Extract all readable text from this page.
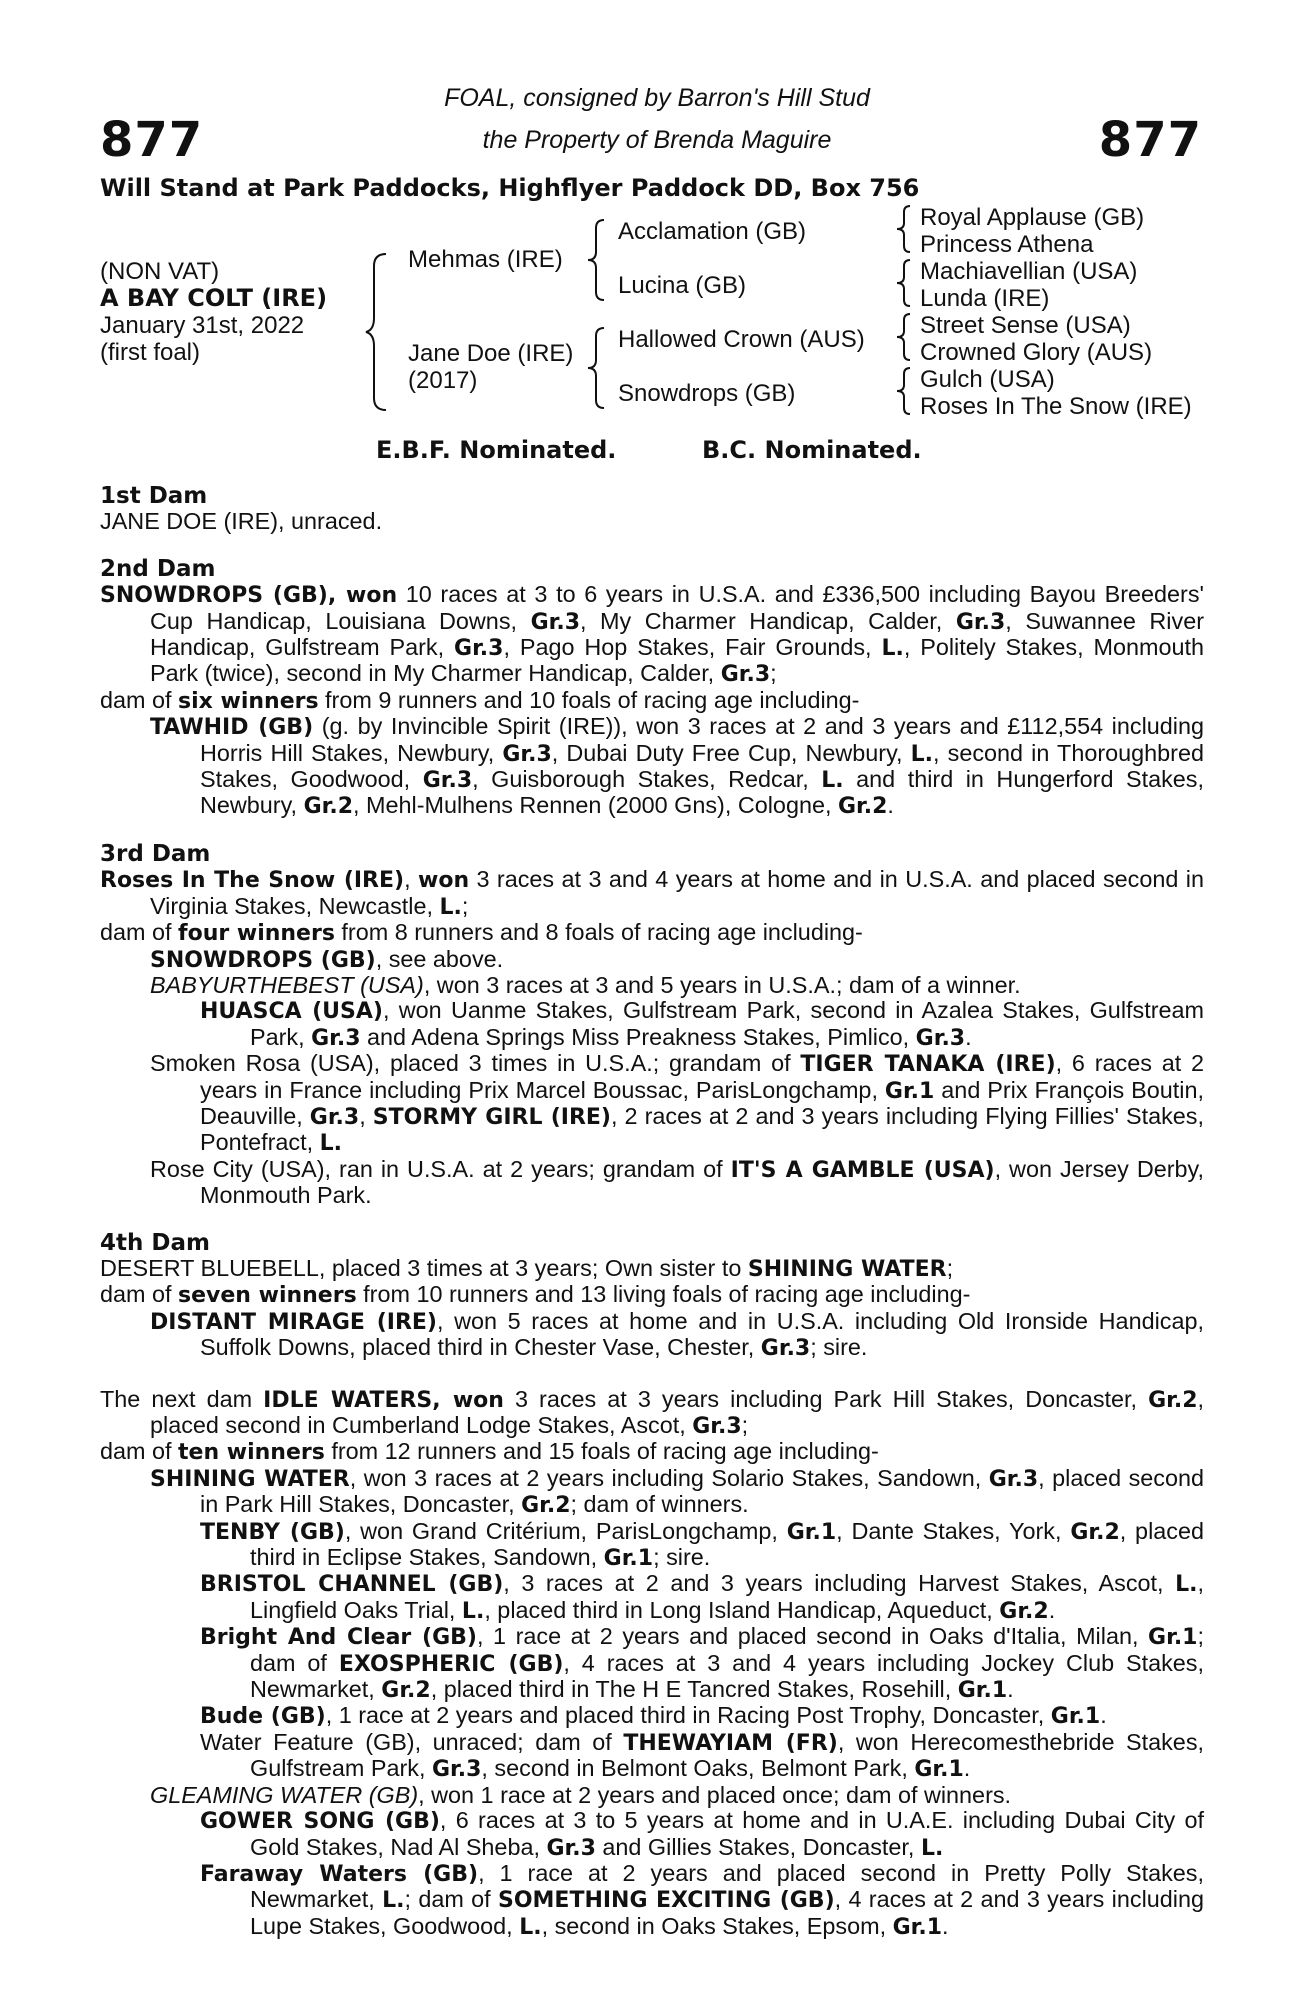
877	877
FOAL, consigned by Barron's Hill Stud
the Property of Brenda Maguire
Will Stand at Park Paddocks, Highflyer Paddock DD, Box 756
(NON VAT)
A BAY COLT (IRE)
January 31st, 2022
(first foal)
Mehmas (IRE)
Jane Doe (IRE)
(2017)
Acclamation (GB)
Lucina (GB)
Hallowed Crown (AUS)
Snowdrops (GB)
Royal Applause (GB)
Princess Athena
Machiavellian (USA)
Lunda (IRE)
Street Sense (USA)
Crowned Glory (AUS)
Gulch (USA)
Roses In The Snow (IRE)
E.B.F. Nominated.	B.C. Nominated.

1st Dam

JANE DOE (IRE), unraced.

2nd Dam

SNOWDROPS (GB), won 10 races at 3 to 6 years in U.S.A. and £336,500 including Bayou Breeders' Cup Handicap, Louisiana Downs, Gr.3, My Charmer Handicap, Calder, Gr.3, Suwannee River Handicap, Gulfstream Park, Gr.3, Pago Hop Stakes, Fair Grounds, L., Politely Stakes, Monmouth Park (twice), second in My Charmer Handicap, Calder, Gr.3;

dam of six winners from 9 runners and 10 foals of racing age including-

TAWHID (GB) (g. by Invincible Spirit (IRE)), won 3 races at 2 and 3 years and £112,554 including Horris Hill Stakes, Newbury, Gr.3, Dubai Duty Free Cup, Newbury, L., second in Thoroughbred Stakes, Goodwood, Gr.3, Guisborough Stakes, Redcar, L. and third in Hungerford Stakes, Newbury, Gr.2, Mehl-Mulhens Rennen (2000 Gns), Cologne, Gr.2.

3rd Dam

Roses In The Snow (IRE), won 3 races at 3 and 4 years at home and in U.S.A. and placed second in Virginia Stakes, Newcastle, L.;

dam of four winners from 8 runners and 8 foals of racing age including-

SNOWDROPS (GB), see above.

BABYURTHEBEST (USA), won 3 races at 3 and 5 years in U.S.A.; dam of a winner.

HUASCA (USA), won Uanme Stakes, Gulfstream Park, second in Azalea Stakes, Gulfstream Park, Gr.3 and Adena Springs Miss Preakness Stakes, Pimlico, Gr.3.

Smoken Rosa (USA), placed 3 times in U.S.A.; grandam of TIGER TANAKA (IRE), 6 races at 2 years in France including Prix Marcel Boussac, ParisLongchamp, Gr.1 and Prix François Boutin, Deauville, Gr.3, STORMY GIRL (IRE), 2 races at 2 and 3 years including Flying Fillies' Stakes, Pontefract, L.

Rose City (USA), ran in U.S.A. at 2 years; grandam of IT'S A GAMBLE (USA), won Jersey Derby, Monmouth Park.

4th Dam

DESERT BLUEBELL, placed 3 times at 3 years; Own sister to SHINING WATER;

dam of seven winners from 10 runners and 13 living foals of racing age including-

DISTANT MIRAGE (IRE), won 5 races at home and in U.S.A. including Old Ironside Handicap, Suffolk Downs, placed third in Chester Vase, Chester, Gr.3; sire.

The next dam IDLE WATERS, won 3 races at 3 years including Park Hill Stakes, Doncaster, Gr.2, placed second in Cumberland Lodge Stakes, Ascot, Gr.3;

dam of ten winners from 12 runners and 15 foals of racing age including-

SHINING WATER, won 3 races at 2 years including Solario Stakes, Sandown, Gr.3, placed second in Park Hill Stakes, Doncaster, Gr.2; dam of winners.

TENBY (GB), won Grand Critérium, ParisLongchamp, Gr.1, Dante Stakes, York, Gr.2, placed third in Eclipse Stakes, Sandown, Gr.1; sire.

BRISTOL CHANNEL (GB), 3 races at 2 and 3 years including Harvest Stakes, Ascot, L., Lingfield Oaks Trial, L., placed third in Long Island Handicap, Aqueduct, Gr.2.

Bright And Clear (GB), 1 race at 2 years and placed second in Oaks d'Italia, Milan, Gr.1; dam of EXOSPHERIC (GB), 4 races at 3 and 4 years including Jockey Club Stakes, Newmarket, Gr.2, placed third in The H E Tancred Stakes, Rosehill, Gr.1.

Bude (GB), 1 race at 2 years and placed third in Racing Post Trophy, Doncaster, Gr.1.

Water Feature (GB), unraced; dam of THEWAYIAM (FR), won Herecomesthebride Stakes, Gulfstream Park, Gr.3, second in Belmont Oaks, Belmont Park, Gr.1.

GLEAMING WATER (GB), won 1 race at 2 years and placed once; dam of winners.

GOWER SONG (GB), 6 races at 3 to 5 years at home and in U.A.E. including Dubai City of Gold Stakes, Nad Al Sheba, Gr.3 and Gillies Stakes, Doncaster, L.

Faraway Waters (GB), 1 race at 2 years and placed second in Pretty Polly Stakes, Newmarket, L.; dam of SOMETHING EXCITING (GB), 4 races at 2 and 3 years including Lupe Stakes, Goodwood, L., second in Oaks Stakes, Epsom, Gr.1.
